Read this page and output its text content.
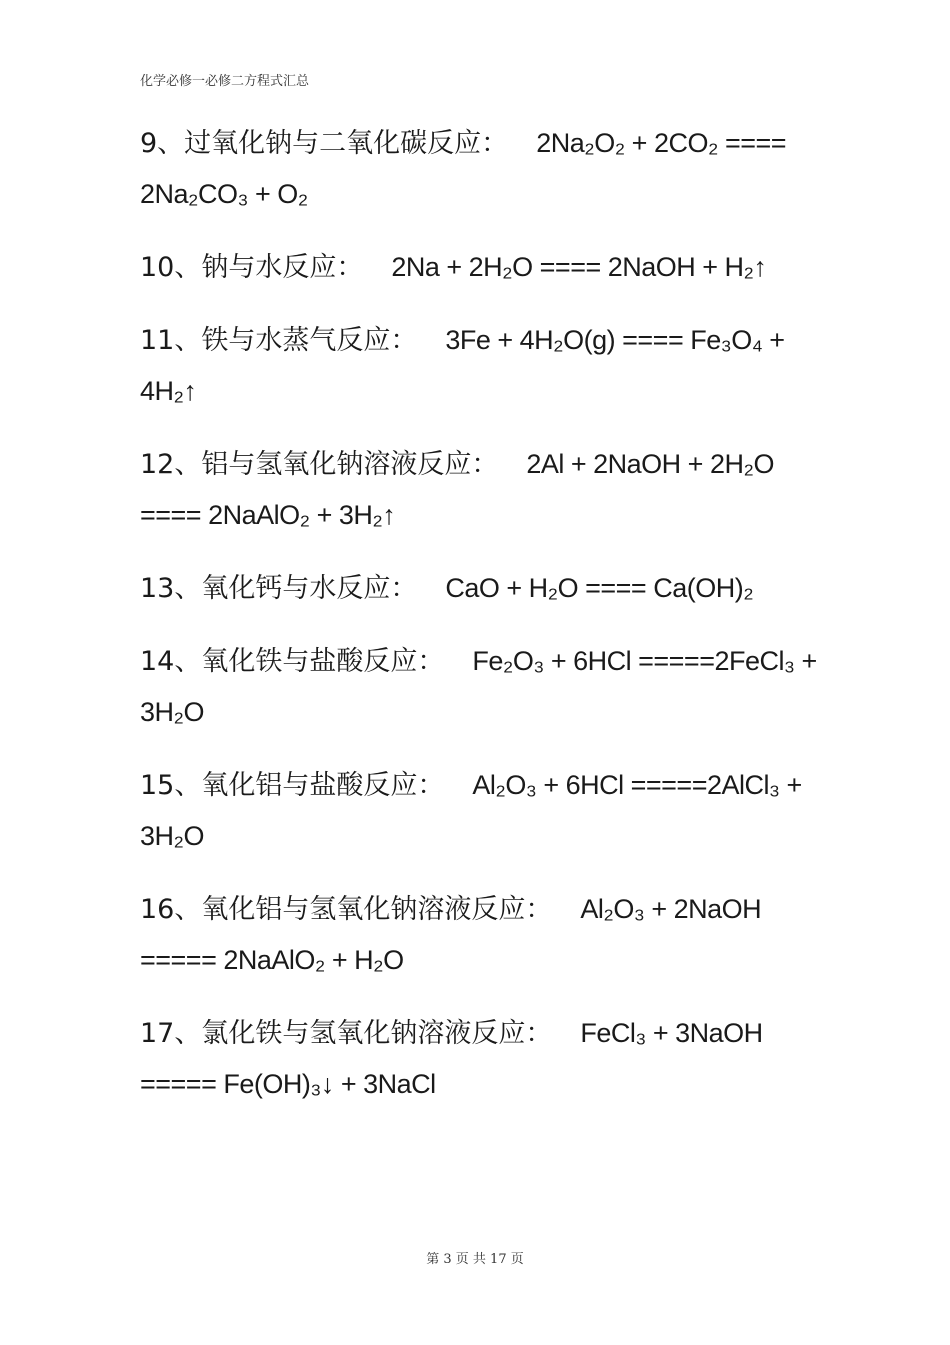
化学必修一必修二方程式汇总
9、过氧化钠与二氧化碳反应： 2Na₂O₂ + 2CO₂ ==== 2Na₂CO₃ + O₂
10、钠与水反应： 2Na + 2H₂O ==== 2NaOH + H₂↑
11、铁与水蒸气反应： 3Fe + 4H₂O(g) ==== Fe₃O₄ + 4H₂↑
12、铝与氢氧化钠溶液反应： 2Al + 2NaOH + 2H₂O ==== 2NaAlO₂ + 3H₂↑
13、氧化钙与水反应： CaO + H₂O ==== Ca(OH)₂
14、氧化铁与盐酸反应： Fe₂O₃ + 6HCl =====2FeCl₃ + 3H₂O
15、氧化铝与盐酸反应： Al₂O₃ + 6HCl =====2AlCl₃ + 3H₂O
16、氧化铝与氢氧化钠溶液反应： Al₂O₃ + 2NaOH ===== 2NaAlO₂ + H₂O
17、氯化铁与氢氧化钠溶液反应： FeCl₃ + 3NaOH ===== Fe(OH)₃↓ + 3NaCl
第 3 页 共 17 页
